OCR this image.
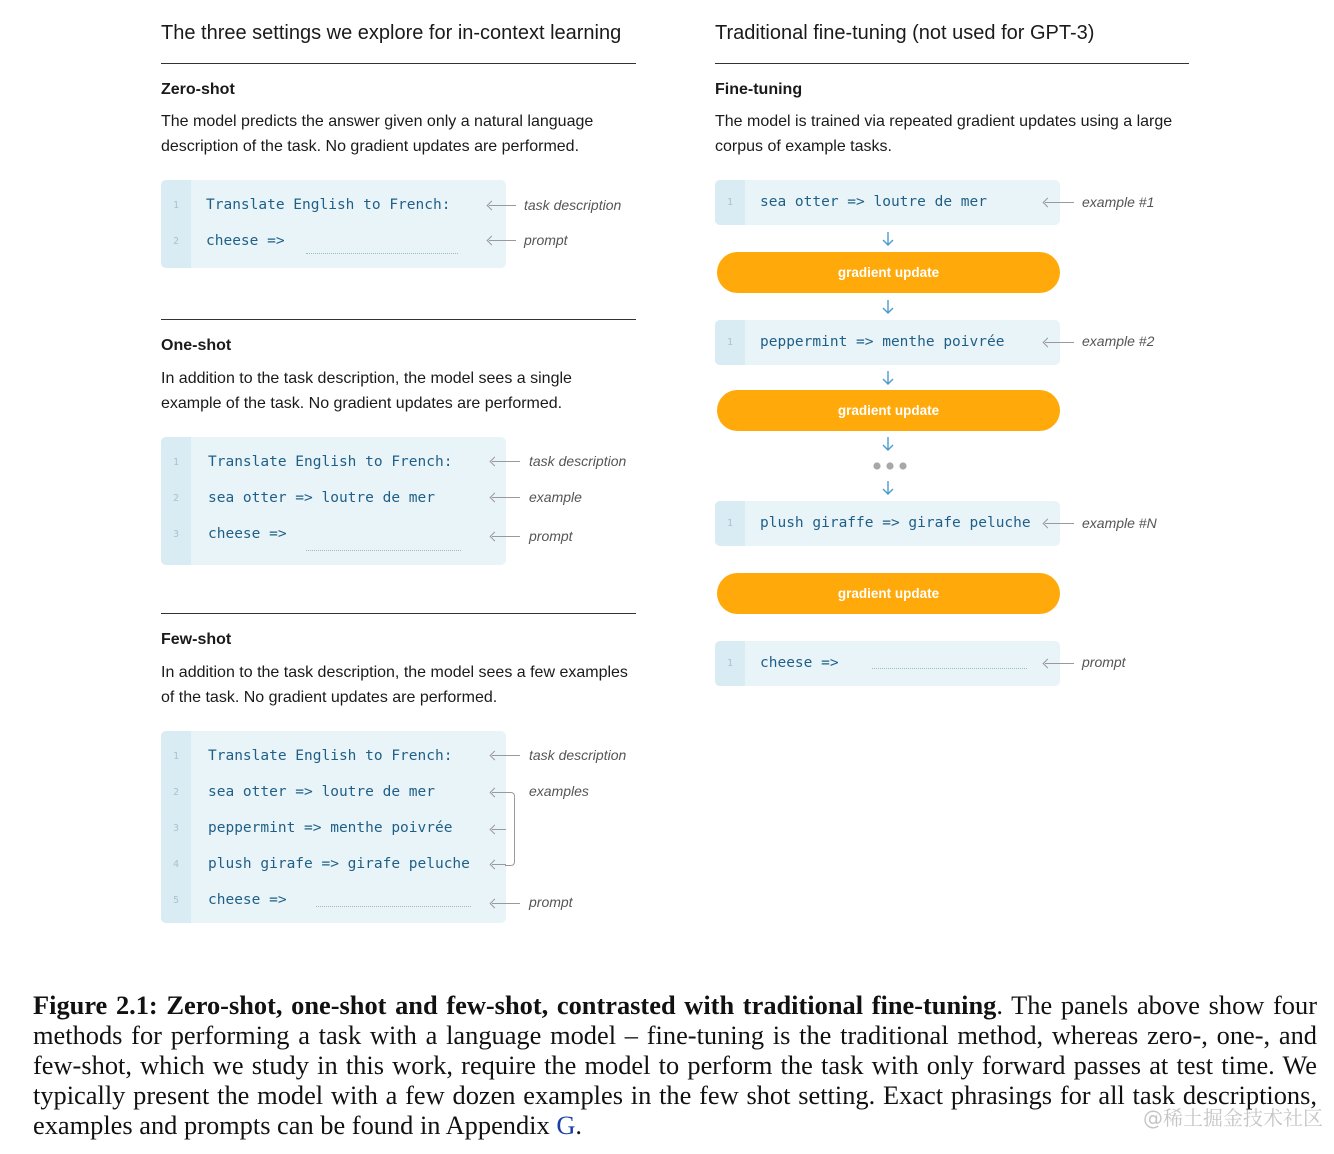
The three settings we explore for in-context learning
Zero-shot
The model predicts the answer given only a natural language description of the task. No gradient updates are performed.
1	Translate English to French:
2	cheese =>
task description
prompt
One-shot
In addition to the task description, the model sees a single example of the task. No gradient updates are performed.
1	Translate English to French:
2	sea otter => loutre de mer
3	cheese =>
task description
example
prompt
Few-shot
In addition to the task description, the model sees a few examples of the task. No gradient updates are performed.
1	Translate English to French:
2	sea otter => loutre de mer
3	peppermint => menthe poivrée
4	plush girafe => girafe peluche
5	cheese =>
task description
examples
prompt
Traditional fine-tuning (not used for GPT-3)
Fine-tuning
The model is trained via repeated gradient updates using a large corpus of example tasks.
1	sea otter => loutre de mer	example #1
gradient update
1	peppermint => menthe poivrée	example #2
gradient update
1	plush giraffe => girafe peluche	example #N
gradient update
1	cheese =>	prompt
Figure 2.1: Zero-shot, one-shot and few-shot, contrasted with traditional fine-tuning. The panels above show four methods for performing a task with a language model – fine-tuning is the traditional method, whereas zero-, one-, and few-shot, which we study in this work, require the model to perform the task with only forward passes at test time. We typically present the model with a few dozen examples in the few shot setting. Exact phrasings for all task descriptions, examples and prompts can be found in Appendix G.	@稀土掘金技术社区
